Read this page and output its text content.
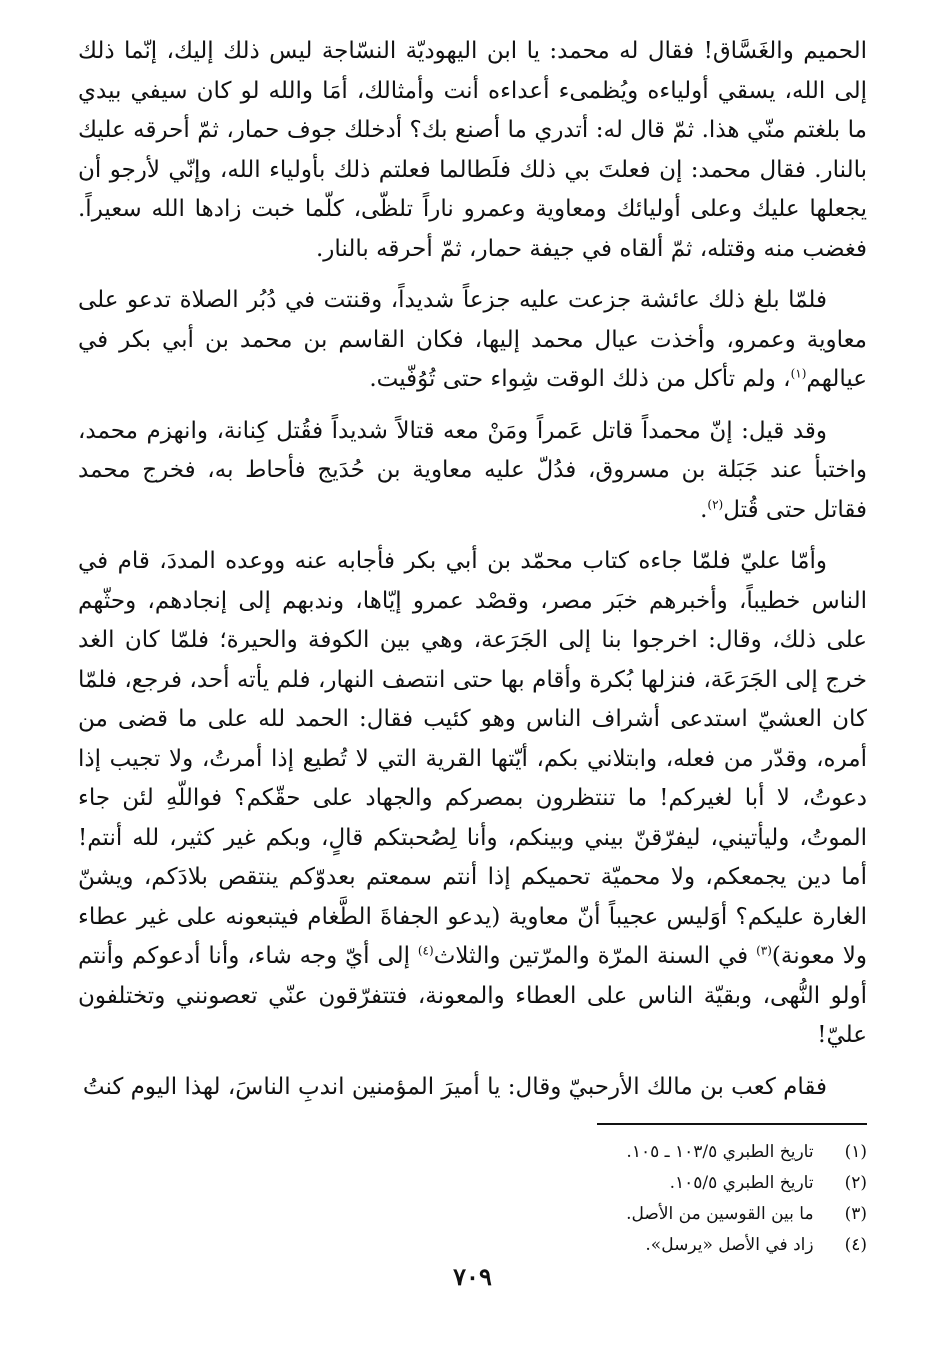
الحميم والغَسَّاق! فقال له محمد: يا ابن اليهوديّة النسّاجة ليس ذلك إليك، إنّما ذلك إلى الله، يسقي أولياءه ويُظمىء أعداءه أنت وأمثالك، أمَا والله لو كان سيفي بيدي ما بلغتم منّي هذا. ثمّ قال له: أتدري ما أصنع بك؟ أدخلك جوف حمار، ثمّ أحرقه عليك بالنار. فقال محمد: إن فعلتَ بي ذلك فلَطالما فعلتم ذلك بأولياء الله، وإنّي لأرجو أن يجعلها عليك وعلى أوليائك ومعاوية وعمرو ناراً تلظّى، كلّما خبت زادها الله سعيراً. فغضب منه وقتله، ثمّ ألقاه في جيفة حمار، ثمّ أحرقه بالنار.

فلمّا بلغ ذلك عائشة جزعت عليه جزعاً شديداً، وقنتت في دُبُر الصلاة تدعو على معاوية وعمرو، وأخذت عيال محمد إليها، فكان القاسم بن محمد بن أبي بكر في عيالهم$^{(١)}$، ولم تأكل من ذلك الوقت شِواء حتى تُوُفّيت.

وقد قيل: إنّ محمداً قاتل عَمراً ومَنْ معه قتالاً شديداً فقُتل كِنانة، وانهزم محمد، واختبأ عند جَبَلة بن مسروق، فدُلّ عليه معاوية بن حُدَيج فأحاط به، فخرج محمد فقاتل حتى قُتل$^{(٢)}$.

وأمّا عليّ فلمّا جاءه كتاب محمّد بن أبي بكر فأجابه عنه ووعده المددَ، قام في الناس خطيباً، وأخبرهم خبَر مصر، وقصْد عمرو إيّاها، وندبهم إلى إنجادهم، وحثّهم على ذلك، وقال: اخرجوا بنا إلى الجَرَعة، وهي بين الكوفة والحيرة؛ فلمّا كان الغد خرج إلى الجَرَعَة، فنزلها بُكرة وأقام بها حتى انتصف النهار، فلم يأته أحد، فرجع، فلمّا كان العشيّ استدعى أشراف الناس وهو كئيب فقال: الحمد لله على ما قضى من أمره، وقدّر من فعله، وابتلاني بكم، أيّتها القرية التي لا تُطيع إذا أمرتُ، ولا تجيب إذا دعوتُ، لا أبا لغيركم! ما تنتظرون بمصركم والجهاد على حقّكم؟ فواللّهِ لئن جاء الموتُ، وليأتيني، ليفرّقنّ بيني وبينكم، وأنا لِصُحبتكم قالٍ، وبكم غير كثير، لله أنتم! أما دين يجمعكم، ولا محميّة تحميكم إذا أنتم سمعتم بعدوّكم ينتقص بلادَكم، ويشنّ الغارة عليكم؟ أوَليس عجيباً أنّ معاوية (يدعو الجفاةَ الطَّغام فيتبعونه على غير عطاء ولا معونة)$^{(٣)}$ في السنة المرّة والمرّتين والثلاث$^{(٤)}$ إلى أيّ وجه شاء، وأنا أدعوكم وأنتم أولو النُّهى، وبقيّة الناس على العطاء والمعونة، فتتفرّقون عنّي تعصونني وتختلفون عليّ!

فقام كعب بن مالك الأرحبيّ وقال: يا أميرَ المؤمنين اندبِ الناسَ، لهذا اليوم كنتُ

(١) تاريخ الطبري ١٠٣/٥ ـ ١٠٥.
(٢) تاريخ الطبري ١٠٥/٥.
(٣) ما بين القوسين من الأصل.
(٤) زاد في الأصل «يرسل».
٧٠٩
